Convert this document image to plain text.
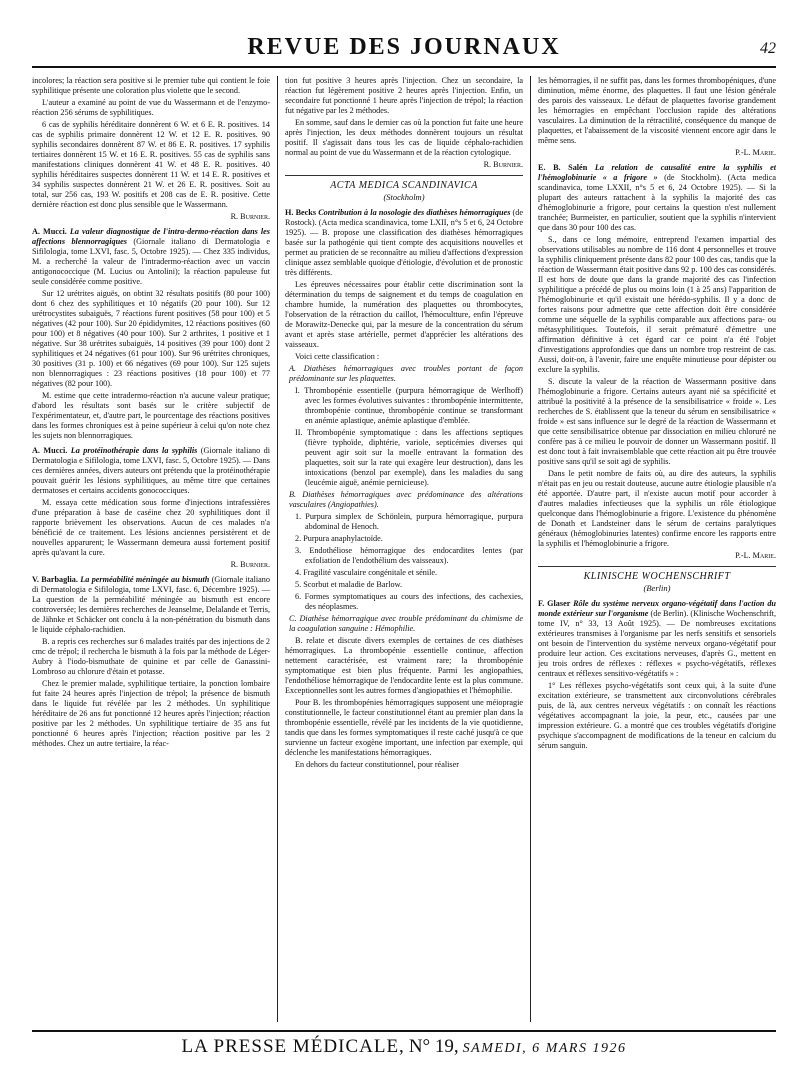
REVUE DES JOURNAUX	42

incolores; la réaction sera positive si le premier tube qui contient le foie syphilitique présente une coloration plus violette que le second.

L'auteur a examiné au point de vue du Wassermann et de l'enzymo-réaction 256 sérums de syphilitiques.

6 cas de syphilis héréditaire donnèrent 6 W. et 6 E. R. positives. 14 cas de syphilis primaire donnèrent 12 W. et 12 E. R. positives. 90 syphilis secondaires donnèrent 87 W. et 86 E. R. positives. 17 syphilis tertiaires donnèrent 15 W. et 16 E. R. positives. 55 cas de syphilis sans manifestations cliniques donnèrent 41 W. et 48 E. R. positives. 40 syphilis héréditaires suspectes donnèrent 11 W. et 14 E. R. positives et 34 syphilis suspectes donnèrent 21 W. et 26 E. R. positives. Soit au total, sur 256 cas, 193 W. positifs et 208 cas de E. R. positive. Cette dernière réaction est donc plus sensible que le Wassermann.

R. Burnier.

A. Mucci. La valeur diagnostique de l'intra-dermo-réaction dans les affections blennorragiques (Giornale italiano di Dermatologia e Sifilologia, tome LXVI, fasc. 5, Octobre 1925). — Chez 335 individus, M. a recherché la valeur de l'intradermo-réaction avec un vaccin antigonococcique (M. Lucius ou Antolini); la réaction papuleuse fut seule considérée comme positive.

Sur 12 urétrites aiguës, on obtint 32 résultats positifs (80 pour 100) dont 6 chez des syphilitiques et 10 négatifs (20 pour 100). Sur 12 urétrocystites subaiguës, 7 réactions furent positives (58 pour 100) et 5 négatives (42 pour 100). Sur 20 épididymites, 12 réactions positives (60 pour 100) et 8 négatives (40 pour 100). Sur 2 arthrites, 1 positive et 1 négative. Sur 38 urétrites subaiguës, 14 positives (39 pour 100) dont 2 syphilitiques et 24 négatives (61 pour 100). Sur 96 urétrites chroniques, 30 positives (31 p. 100) et 66 négatives (69 pour 100). Sur 125 sujets non blennorragiques : 23 réactions positives (18 pour 100) et 77 négatives (82 pour 100).

M. estime que cette intradermo-réaction n'a aucune valeur pratique; d'abord les résultats sont basés sur le critère subjectif de l'expérimentateur, et, d'autre part, le pourcentage des réactions positives dans les formes chroniques est à peine supérieur à celui qu'on note chez les sujets non blennorragiques.

A. Mucci. La protéinothérapie dans la syphilis (Giornale italiano di Dermatologia e Sifilologia, tome LXVI, fasc. 5, Octobre 1925). — Dans ces dernières années, divers auteurs ont prétendu que la protéinothérapie pouvait guérir les lésions syphilitiques, au même titre que certaines dermatoses et certains accidents gonococciques.

M. essaya cette médication sous forme d'injections intrafessières d'une préparation à base de caséine chez 20 syphilitiques dont il rapporte brièvement les observations. Aucun de ces malades n'a bénéficié de ce traitement. Les lésions anciennes persistèrent et de nouvelles apparurent; le Wassermann demeura aussi fortement positif après qu'avant la cure.

R. Burnier.

V. Barbaglia. La perméabilité méningée au bismuth (Giornale italiano di Dermatologia e Sifilologia, tome LXVI, fasc. 6, Décembre 1925). — La question de la perméabilité méningée au bismuth est encore controversée; les dernières recherches de Jeanselme, Delalande et Terris, de Jähnke et Schäcker ont conclu à la non-pénétration du bismuth dans le liquide céphalo-rachidien.

B. a repris ces recherches sur 6 malades traités par des injections de 2 cmc de trépol; il rechercha le bismuth à la fois par la méthode de Léger-Aubry à l'iodo-bismuthate de quinine et par celle de Ganassini-Lombroso au chlorure d'étain et potasse.

Chez le premier malade, syphilitique tertiaire, la ponction lombaire fut faite 24 heures après l'injection de trépol; la présence de bismuth dans le liquide fut révélée par les 2 méthodes. Un syphilitique héréditaire de 26 ans fut ponctionné 12 heures après l'injection; réaction positive par les 2 méthodes. Un syphilitique tertiaire de 35 ans fut ponctionné 6 heures après l'injection; réaction positive par les 2 méthodes. Chez un autre tertiaire, la réac-

tion fut positive 3 heures après l'injection. Chez un secondaire, la réaction fut légèrement positive 2 heures après l'injection. Enfin, un secondaire fut ponctionné 1 heure après l'injection de trépol; la réaction fut négative par les 2 méthodes.

En somme, sauf dans le dernier cas où la ponction fut faite une heure après l'injection, les deux méthodes donnèrent toujours un résultat positif. Il s'agissait dans tous les cas de liquide céphalo-rachidien normal au point de vue du Wassermann et de la réaction cytologique.

R. Burnier.

ACTA MEDICA SCANDINAVICA
(Stockholm)

H. Becks Contribution à la nosologie des diathèses hémorragiques (de Rostock). (Acta medica scandinavica, tome LXII, n°s 5 et 6, 24 Octobre 1925). — B. propose une classification des diathèses hémorragiques basée sur la pathogénie qui tient compte des acquisitions nouvelles et permet au praticien de se reconnaître au milieu d'affections d'expression clinique assez semblable quoique d'étiologie, d'évolution et de pronostic très différents.

Les épreuves nécessaires pour établir cette discrimination sont la détermination du temps de saignement et du temps de coagulation en chambre humide, la numération des plaquettes ou thrombocytes, l'observation de la rétraction du caillot, l'hémocultture, enfin l'épreuve de Morawitz-Denecke qui, par la mesure de la concentration du sérum avant et après stase artérielle, permet d'apprécier les altérations des vaisseaux.

Voici cette classification :

A. Diathèses hémorragiques avec troubles portant de façon prédominante sur les plaquettes.

I. Thrombopénie essentielle (purpura hémorragique de Werlhoff) avec les formes évolutives suivantes : thrombopénie intermittente, thrombopénie continue, thrombopénie continue se transformant en anémie aplastique, anémie aplastique d'emblée.

II. Thrombopénie symptomatique : dans les affections septiques (fièvre typhoïde, diphtérie, variole, septicémies diverses qui peuvent agir soit sur la moelle entravant la formation des plaquettes, soit sur la rate qui exagère leur destruction), dans les intoxications (benzol par exemple), dans les maladies du sang (leucémie aiguë, anémie pernicieuse).

B. Diathèses hémorragiques avec prédominance des altérations vasculaires (Angiopathies).

1. Purpura simplex de Schönlein, purpura hémorragique, purpura abdominal de Henoch.

2. Purpura anaphylactoïde.

3. Endothéliose hémorragique des endocardites lentes (par exfoliation de l'endothélium des vaisseaux).

4. Fragilité vasculaire congénitale et sénile.

5. Scorbut et maladie de Barlow.

6. Formes symptomatiques au cours des infections, des cachexies, des néoplasmes.

C. Diathèse hémorragique avec trouble prédominant du chimisme de la coagulation sanguine : Hémophilie.

B. relate et discute divers exemples de certaines de ces diathèses hémorragiques. La thrombopénie essentielle continue, affection nettement caractérisée, est vraiment rare; la thrombopénie symptomatique est bien plus fréquente. Parmi les angiopathies, l'endothéliose hémorragique de l'endocardite lente est la plus commune. Exceptionnelles sont les autres formes d'angiopathies et l'hémophilie.

Pour B. les thrombopénies hémorragiques supposent une méiopragie constitutionnelle, le facteur constitutionnel étant au premier plan dans la thrombopénie essentielle, révélé par les incidents de la vie quotidienne, tandis que dans les formes symptomatiques il reste caché jusqu'à ce que survienne un facteur exogène important, une infection par exemple, qui déclenche les manifestations hémorragiques.

En dehors du facteur constitutionnel, pour réaliser

les hémorragies, il ne suffit pas, dans les formes thrombopéniques, d'une diminution, même énorme, des plaquettes. Il faut une lésion générale des parois des vaisseaux. Le défaut de plaquettes favorise grandement les hémorragies en empêchant l'occlusion rapide des altérations vasculaires. La diminution de la rétractilité, conséquence du manque de plaquettes, et l'abaissement de la viscosité viennent encore agir dans le même sens.

P.-L. Marie.

E. B. Salén La relation de causalité entre la syphilis et l'hémoglobinurie « a frigore » (de Stockholm). (Acta medica scandinavica, tome LXXII, n°s 5 et 6, 24 Octobre 1925). — Si la plupart des auteurs rattachent à la syphilis la majorité des cas d'hémoglobinurie a frigore, pour certains la question n'est nullement tranchée; Burmeister, en particulier, soutient que la syphilis n'intervient que dans 30 pour 100 des cas.

S., dans ce long mémoire, entreprend l'examen impartial des observations utilisables au nombre de 116 dont 4 personnelles et trouve la syphilis cliniquement présente dans 82 pour 100 des cas, tandis que la réaction de Wassermann était positive dans 92 p. 100 des cas considérés. Il est hors de doute que dans la grande majorité des cas l'infection syphilitique a précédé de plus ou moins loin (1 à 25 ans) l'apparition de l'hémoglobinurie et qu'il existait une hérédo-syphilis. Il y a donc de fortes raisons pour admettre que cette affection doit être considérée comme une séquelle de la syphilis comparable aux affections para- ou métasyphilitiques. Toutefois, il serait prématuré d'émettre une affirmation définitive à cet égard car ce point n'a été l'objet d'investigations approfondies que dans un nombre trop restreint de cas. Aussi, doit-on, à l'avenir, faire une enquête minutieuse pour dépister ou exclure la syphilis.

S. discute la valeur de la réaction de Wassermann positive dans l'hémoglobinurie a frigore. Certains auteurs ayant nié sa spécificité et attribué la positivité à la présence de la sensibilisatrice « froide ». Les recherches de S. établissent que la teneur du sérum en sensibilisatrice « froide » est sans influence sur le degré de la réaction de Wassermann et que cette sensibilisatrice obtenue par dissociation en milieu chloruré ne confère pas à ce milieu le pouvoir de donner un Wassermann positif. Il est donc tout à fait invraisemblable que cette réaction ait pu être trouvée positive sans qu'il se soit agi de syphilis.

Dans le petit nombre de faits où, au dire des auteurs, la syphilis n'était pas en jeu ou restait douteuse, aucune autre étiologie plausible n'a été apportée. D'autre part, il n'existe aucun motif pour accorder à d'autres maladies infectieuses que la syphilis un rôle étiologique quelconque dans l'hémoglobinurie a frigore. L'existence du phénomène de Donath et Landsteiner dans le sérum de certains paralytiques généraux (hémoglobinuries latentes) confirme encore les rapports entre la syphilis et l'hémoglobinurie a frigore.

P.-L. Marie.

KLINISCHE WOCHENSCHRIFT
(Berlin)

F. Glaser Rôle du système nerveux organo-végétatif dans l'action du monde extérieur sur l'organisme (de Berlin). (Klinische Wochenschrift, tome IV, n° 33, 13 Août 1925). — De nombreuses excitations extérieures transmises à l'organisme par les nerfs sensitifs et sensoriels ont besoin de l'intervention du système nerveux organo-végétatif pour produire leur action. Ces excitations nerveuses, d'après G., mettent en jeu trois ordres de réflexes : réflexes « psycho-végétatifs, réflexes centraux et réflexes sensitivo-végétatifs » :

1° Les réflexes psycho-végétatifs sont ceux qui, à la suite d'une excitation extérieure, se transmettent aux circonvolutions cérébrales puis, de là, aux centres nerveux végétatifs : on connaît les réactions végétatives accompagnant la joie, la peur, etc., causées par une impression extérieure. G. a montré que ces troubles végétatifs d'origine psychique s'accompagnent de modifications de la teneur en calcium du sérum sanguin.

LA PRESSE MÉDICALE, N° 19, SAMEDI, 6 MARS 1926
